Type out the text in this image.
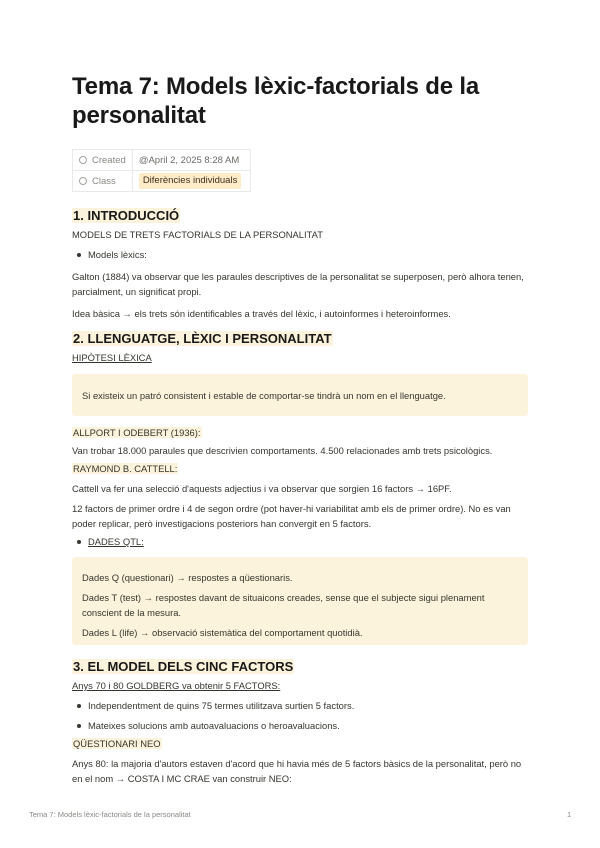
Tema 7: Models lèxic-factorials de la personalitat
Created	@April 2, 2025 8:28 AM
Class	Diferències individuals
1. INTRODUCCIÓ

MODELS DE TRETS FACTORIALS DE LA PERSONALITAT

Models lèxics:

Galton (1884) va observar que les paraules descriptives de la personalitat se superposen, però alhora tenen, parcialment, un significat propi.

Idea bàsica → els trets són identificables a través del lèxic, i autoinformes i heteroinformes.

2. LLENGUATGE, LÈXIC I PERSONALITAT

HIPÒTESI LÈXICA

Si existeix un patró consistent i estable de comportar-se tindrà un nom en el llenguatge.

ALLPORT I ODEBERT (1936):

Van trobar 18.000 paraules que descrivien comportaments. 4.500 relacionades amb trets psicològics.

RAYMOND B. CATTELL:

Cattell va fer una selecció d'aquests adjectius i va observar que sorgien 16 factors → 16PF.

12 factors de primer ordre i 4 de segon ordre (pot haver-hi variabilitat amb els de primer ordre). No es van poder replicar, però investigacions posteriors han convergit en 5 factors.

DADES QTL:

Dades Q (questionari) → respostes a qüestionaris.

Dades T (test) → respostes davant de situaicons creades, sense que el subjecte sigui plenament conscient de la mesura.

Dades L (life) → observació sistemàtica del comportament quotidià.

3. EL MODEL DELS CINC FACTORS

Anys 70 i 80 GOLDBERG va obtenir 5 FACTORS:

Independentment de quins 75 termes utilitzava surtien 5 factors.
Mateixes solucions amb autoavaluacions o heroavaluacions.

QÜESTIONARI NEO

Anys 80: la majoria d'autors estaven d'acord que hi havia més de 5 factors bàsics de la personalitat, però no en el nom → COSTA I MC CRAE van construir NEO:

Tema 7: Models lèxic-factorials de la personalitat	1
